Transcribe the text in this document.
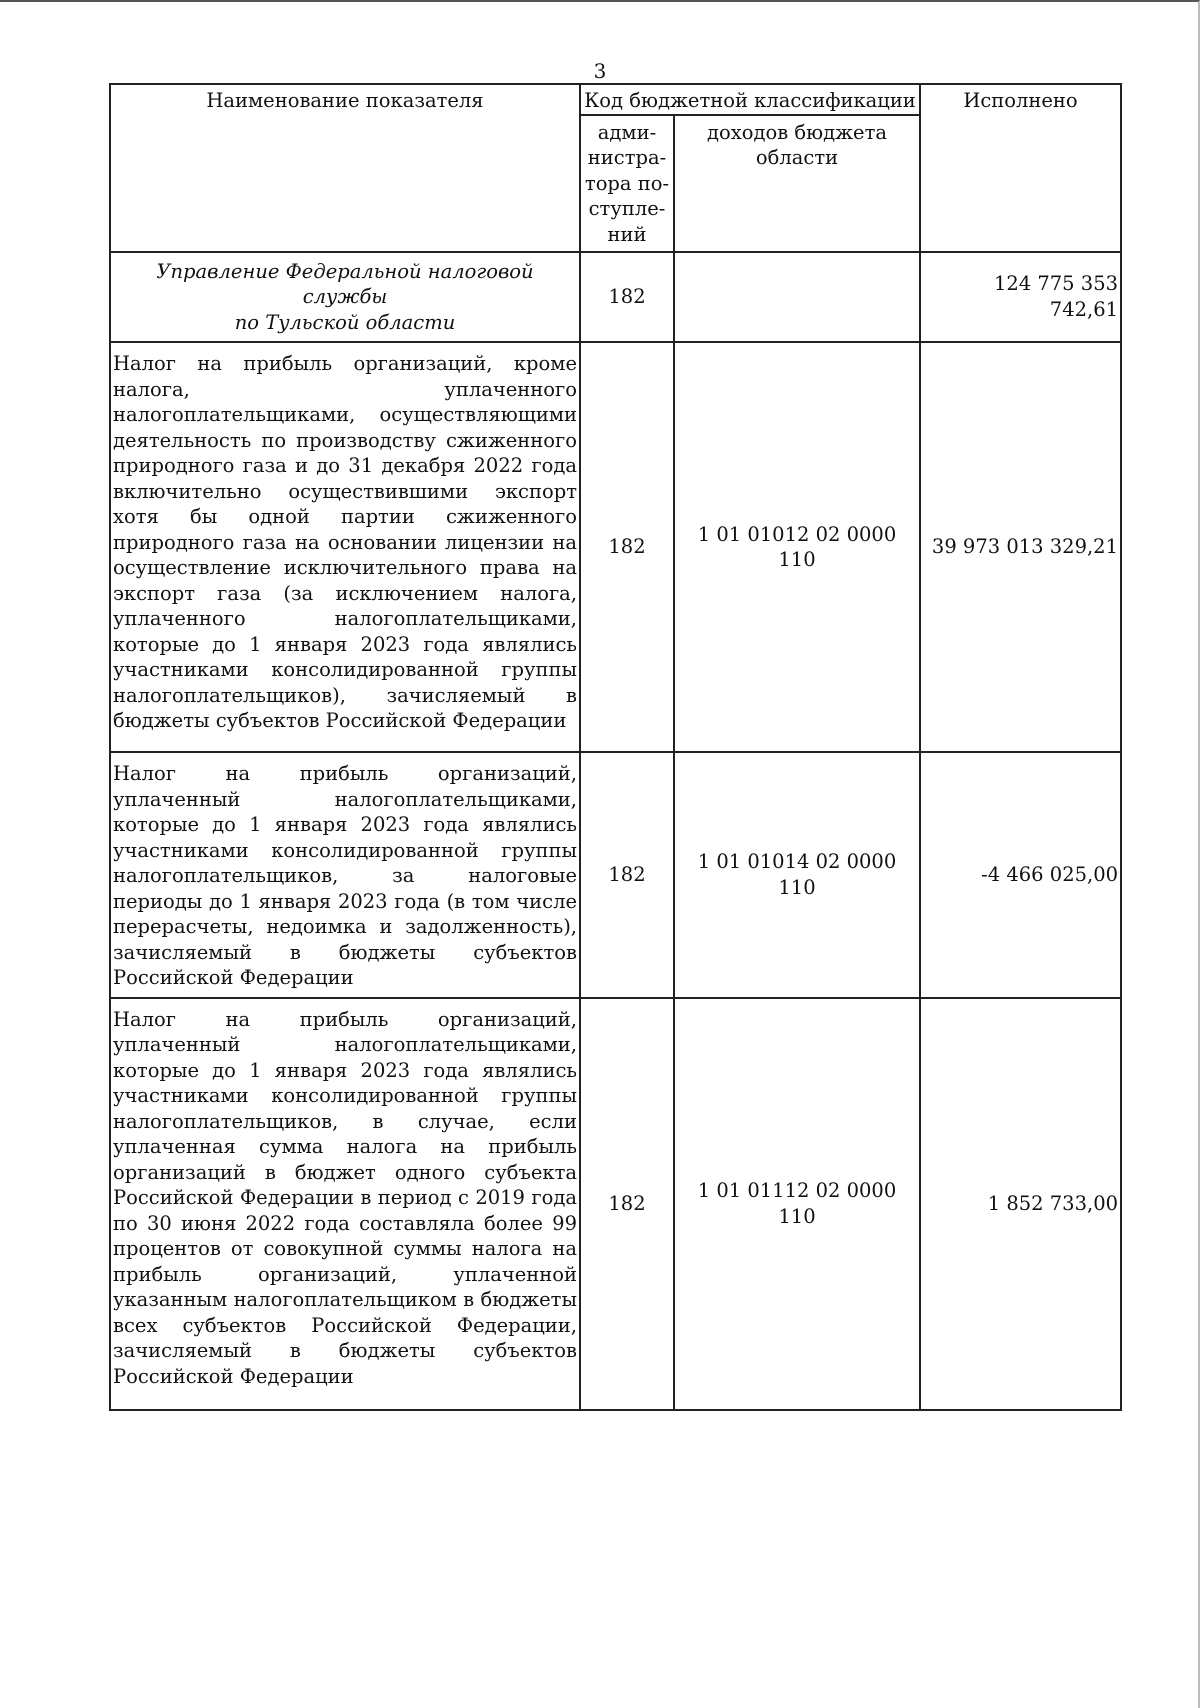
3
Наименование показателя	Код бюджетной классификации		Исполнено
	адми-
нистра-
тора по-
ступле-
ний	доходов бюджета
области	
Управление Федеральной налоговой службы
по Тульской области	182		124 775 353 742,61
Налог на прибыль организаций, кроме налога, уплаченного налогоплательщиками, осуществляющими деятельность по производству сжиженного природного газа и до 31 декабря 2022 года включительно осуществившими экспорт хотя бы одной партии сжиженного природного газа на основании лицензии на осуществление исключительного права на экспорт газа (за исключением налога, уплаченного налогоплательщиками, которые до 1 января 2023 года являлись участниками консолидированной группы налогоплательщиков), зачисляемый в бюджеты субъектов Российской Федерации	182	1 01 01012 02 0000 110	39 973 013 329,21
Налог на прибыль организаций, уплаченный налогоплательщиками, которые до 1 января 2023 года являлись участниками консолидированной группы налогоплательщиков, за налоговые периоды до 1 января 2023 года (в том числе перерасчеты, недоимка и задолженность), зачисляемый в бюджеты субъектов Российской Федерации	182	1 01 01014 02 0000 110	-4 466 025,00
Налог на прибыль организаций, уплаченный налогоплательщиками, которые до 1 января 2023 года являлись участниками консолидированной группы налогоплательщиков, в случае, если уплаченная сумма налога на прибыль организаций в бюджет одного субъекта Российской Федерации в период с 2019 года по 30 июня 2022 года составляла более 99 процентов от совокупной суммы налога на прибыль организаций, уплаченной указанным налогоплательщиком в бюджеты всех субъектов Российской Федерации, зачисляемый в бюджеты субъектов Российской Федерации	182	1 01 01112 02 0000 110	1 852 733,00
